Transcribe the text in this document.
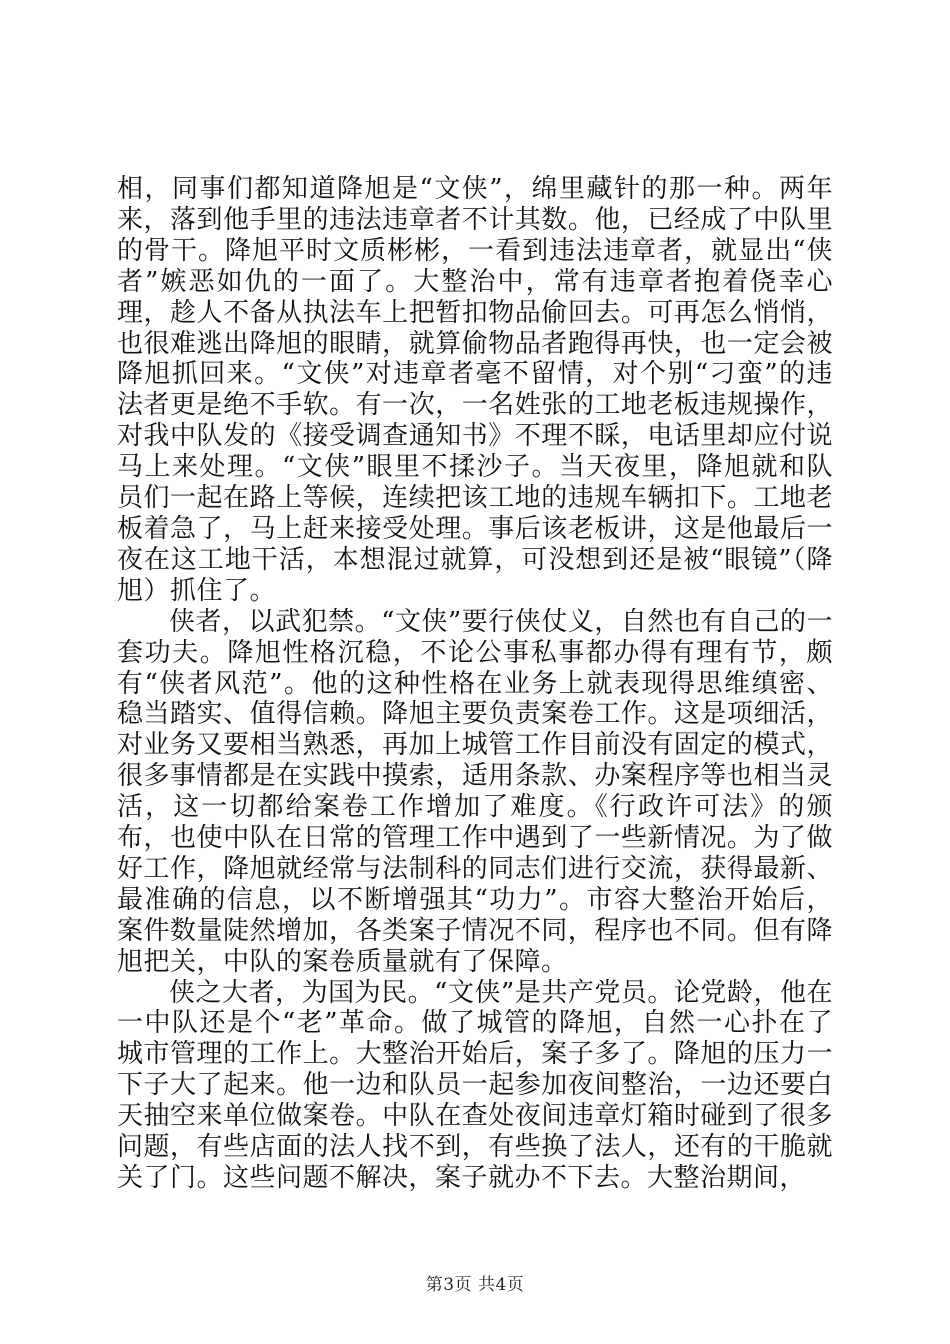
相，同事们都知道降旭是“文侠”，绵里藏针的那一种。两年来，落到他手里的违法违章者不计其数。他，已经成了中队里的骨干。降旭平时文质彬彬，一看到违法违章者，就显出“侠者”嫉恶如仇的一面了。大整治中，常有违章者抱着侥幸心理，趁人不备从执法车上把暂扣物品偷回去。可再怎么悄悄，也很难逃出降旭的眼睛，就算偷物品者跑得再快，也一定会被降旭抓回来。“文侠”对违章者毫不留情，对个别“刁蛮”的违法者更是绝不手软。有一次，一名姓张的工地老板违规操作，对我中队发的《接受调查通知书》不理不睬，电话里却应付说马上来处理。“文侠”眼里不揉沙子。当天夜里，降旭就和队员们一起在路上等候，连续把该工地的违规车辆扣下。工地老板着急了，马上赶来接受处理。事后该老板讲，这是他最后一夜在这工地干活，本想混过就算，可没想到还是被“眼镜”（降旭）抓住了。

侠者，以武犯禁。“文侠”要行侠仗义，自然也有自己的一套功夫。降旭性格沉稳，不论公事私事都办得有理有节，颇有“侠者风范”。他的这种性格在业务上就表现得思维缜密、稳当踏实、值得信赖。降旭主要负责案卷工作。这是项细活，对业务又要相当熟悉，再加上城管工作目前没有固定的模式，很多事情都是在实践中摸索，适用条款、办案程序等也相当灵活，这一切都给案卷工作增加了难度。《行政许可法》的颁布，也使中队在日常的管理工作中遇到了一些新情况。为了做好工作，降旭就经常与法制科的同志们进行交流，获得最新、最准确的信息，以不断增强其“功力”。市容大整治开始后，案件数量陡然增加，各类案子情况不同，程序也不同。但有降旭把关，中队的案卷质量就有了保障。

侠之大者，为国为民。“文侠”是共产党员。论党龄，他在一中队还是个“老”革命。做了城管的降旭，自然一心扑在了城市管理的工作上。大整治开始后，案子多了。降旭的压力一下子大了起来。他一边和队员一起参加夜间整治，一边还要白天抽空来单位做案卷。中队在查处夜间违章灯箱时碰到了很多问题，有些店面的法人找不到，有些换了法人，还有的干脆就关了门。这些问题不解决，案子就办不下去。大整治期间，

第3页 共4页
